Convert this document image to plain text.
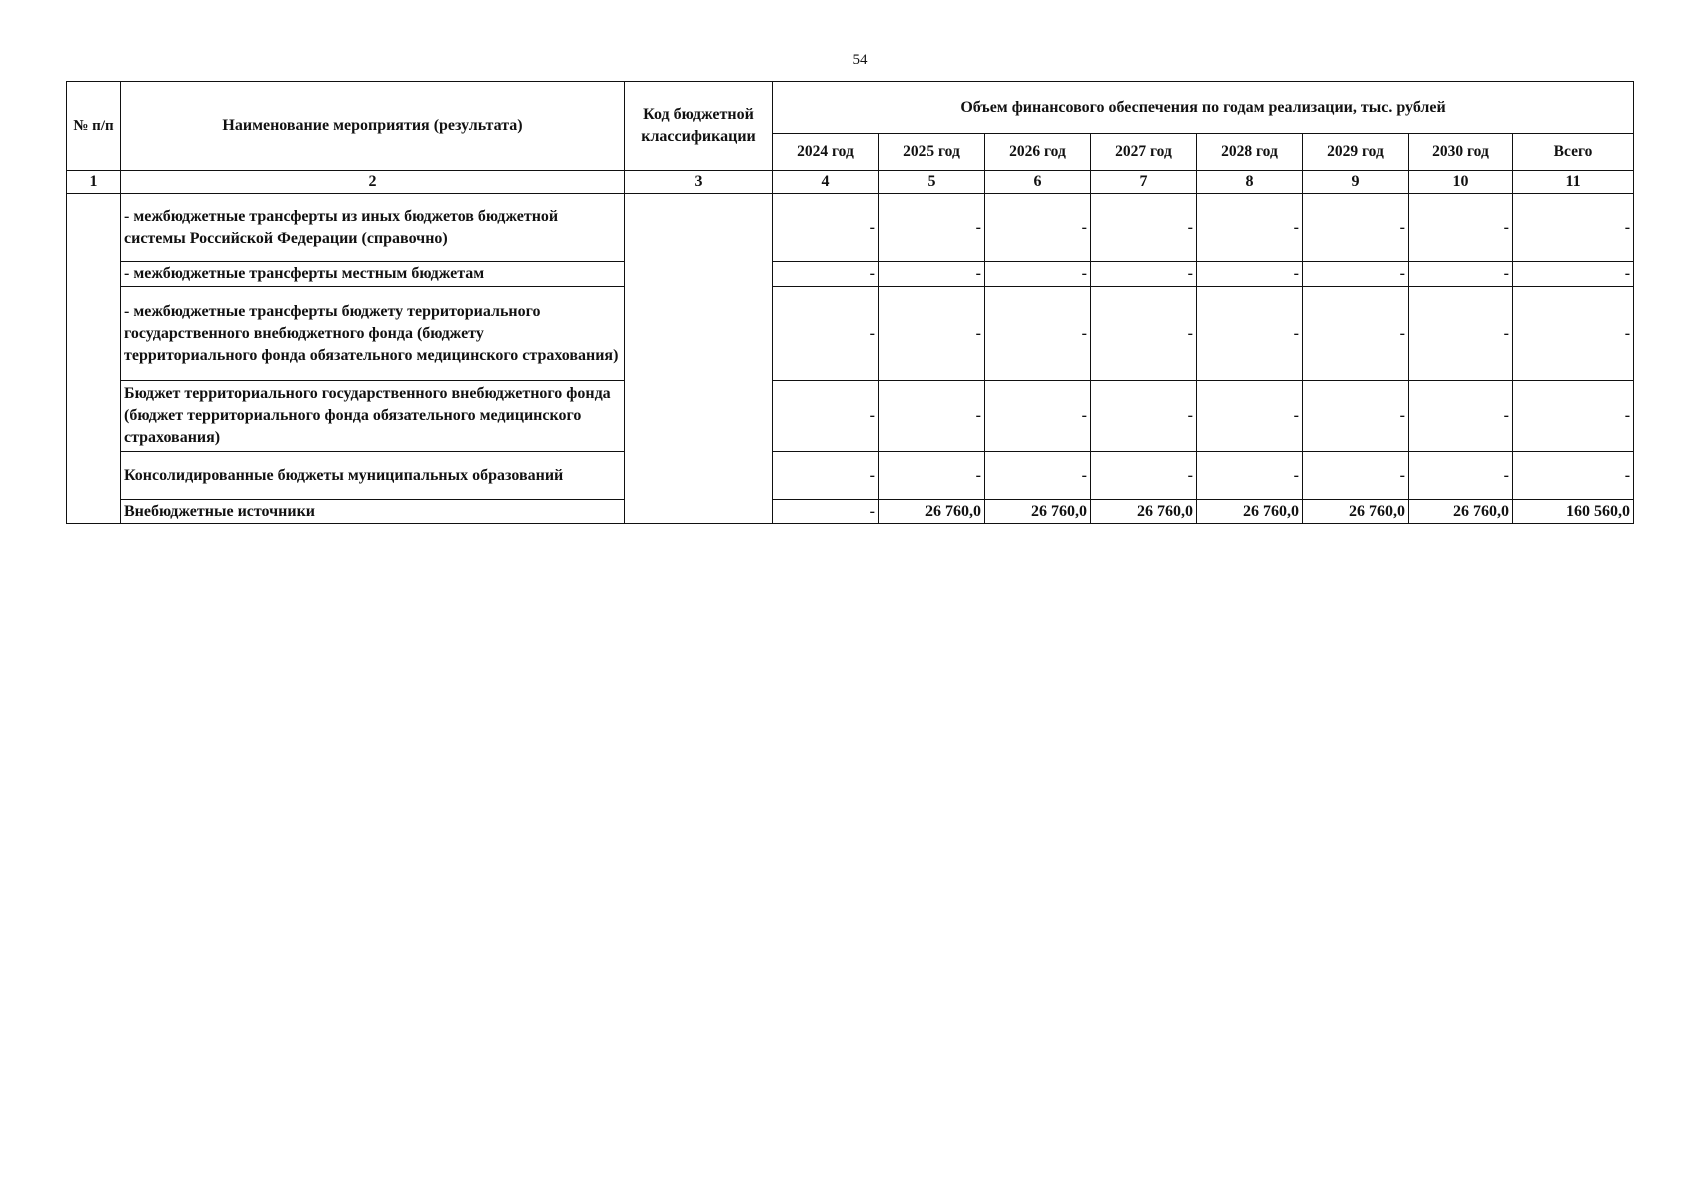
54
№ п/п	Наименование мероприятия (результата)	Код бюджетной классификации	Объем финансового обеспечения по годам реализации, тыс. рублей							
			2024 год	2025 год	2026 год	2027 год	2028 год	2029 год	2030 год	Всего
1	2	3	4	5	6	7	8	9	10	11
	- межбюджетные трансферты из иных бюджетов бюджетной системы Российской Федерации (справочно)		-	-	-	-	-	-	-	-
	- межбюджетные трансферты местным бюджетам		-	-	-	-	-	-	-	-
	- межбюджетные трансферты бюджету территориального государственного внебюджетного фонда (бюджету территориального фонда обязательного медицинского страхования)		-	-	-	-	-	-	-	-
	Бюджет территориального государственного внебюджетного фонда (бюджет территориального фонда обязательного медицинского страхования)		-	-	-	-	-	-	-	-
	Консолидированные бюджеты муниципальных образований		-	-	-	-	-	-	-	-
	Внебюджетные источники		-	26 760,0	26 760,0	26 760,0	26 760,0	26 760,0	26 760,0	160 560,0
